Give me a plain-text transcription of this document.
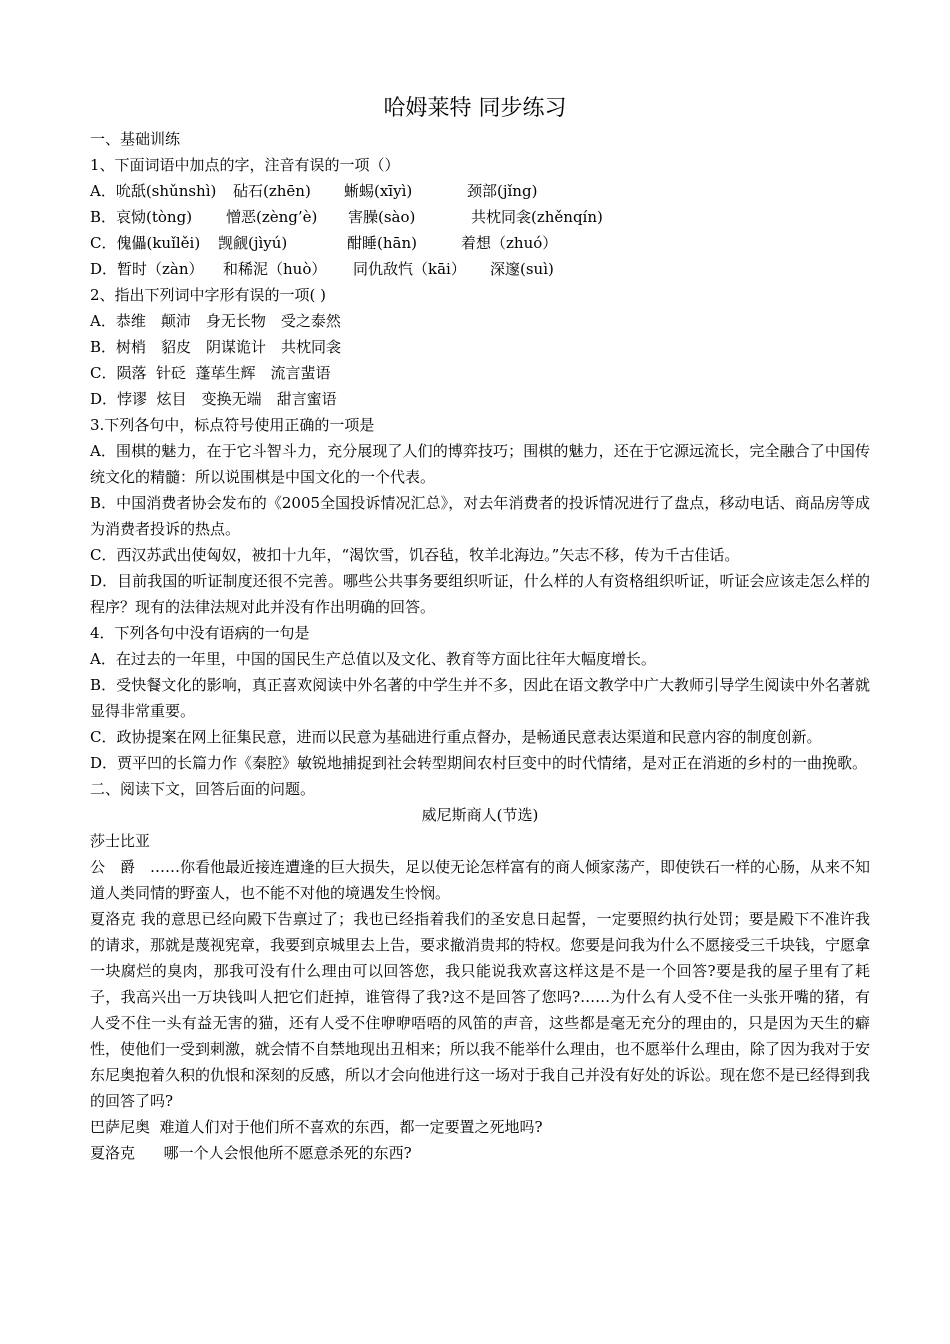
哈姆莱特 同步练习

一、基础训练

1、下面词语中加点的字，注音有误的一项（）

A．吮舐(shǔnshì)	砧石(zhēn)	蜥蜴(xīyì)	颈部(jǐng)
B．哀恸(tòng)	憎恶(zèng’è)	害臊(sào)	共枕同衾(zhěnqín)
C．傀儡(kuǐlěi)	觊觎(jìyú)	酣睡(hān)	着想（zhuó）
D．暂时（zàn）	和稀泥（huò）	同仇敌忾（kāi）	深邃(suì)

2、指出下列词中字形有误的一项( )

A．恭维　颠沛　身无长物　受之泰然

B．树梢　貂皮　阴谋诡计　共枕同衾

C．陨落  针砭  蓬荜生辉　流言蜚语

D．悖谬  炫目　变换无端　甜言蜜语

3.下列各句中，标点符号使用正确的一项是

A．围棋的魅力，在于它斗智斗力，充分展现了人们的博弈技巧；围棋的魅力，还在于它源远流长，完全融合了中国传统文化的精髓：所以说围棋是中国文化的一个代表。

B．中国消费者协会发布的《2005全国投诉情况汇总》，对去年消费者的投诉情况进行了盘点，移动电话、商品房等成为消费者投诉的热点。

C．西汉苏武出使匈奴，被扣十九年，“渴饮雪，饥吞毡，牧羊北海边。”矢志不移，传为千古佳话。

D．目前我国的听证制度还很不完善。哪些公共事务要组织听证，什么样的人有资格组织听证，听证会应该走怎么样的程序？现有的法律法规对此并没有作出明确的回答。

4．下列各句中没有语病的一句是

A．在过去的一年里，中国的国民生产总值以及文化、教育等方面比往年大幅度增长。

B．受快餐文化的影响，真正喜欢阅读中外名著的中学生并不多，因此在语文教学中广大教师引导学生阅读中外名著就显得非常重要。

C．政协提案在网上征集民意，进而以民意为基础进行重点督办，是畅通民意表达渠道和民意内容的制度创新。

D．贾平凹的长篇力作《秦腔》敏锐地捕捉到社会转型期间农村巨变中的时代情绪，是对正在消逝的乡村的一曲挽歌。

二、阅读下文，回答后面的问题。

威尼斯商人(节选)

莎士比亚

公　爵　……你看他最近接连遭逢的巨大损失，足以使无论怎样富有的商人倾家荡产，即使铁石一样的心肠，从来不知道人类同情的野蛮人，也不能不对他的境遇发生怜悯。

夏洛克 我的意思已经向殿下告禀过了；我也已经指着我们的圣安息日起誓，一定要照约执行处罚；要是殿下不准许我的请求，那就是蔑视宪章，我要到京城里去上告，要求撤消贵邦的特权。您要是问我为什么不愿接受三千块钱，宁愿拿一块腐烂的臭肉，那我可没有什么理由可以回答您，我只能说我欢喜这样这是不是一个回答?要是我的屋子里有了耗子，我高兴出一万块钱叫人把它们赶掉，谁管得了我?这不是回答了您吗?……为什么有人受不住一头张开嘴的猪，有人受不住一头有益无害的猫，还有人受不住咿咿唔唔的风笛的声音，这些都是毫无充分的理由的，只是因为天生的癖性，使他们一受到刺激，就会情不自禁地现出丑相来；所以我不能举什么理由，也不愿举什么理由，除了因为我对于安东尼奥抱着久积的仇恨和深刻的反感，所以才会向他进行这一场对于我自己并没有好处的诉讼。现在您不是已经得到我的回答了吗?

巴萨尼奥  难道人们对于他们所不喜欢的东西，都一定要置之死地吗?

夏洛克      哪一个人会恨他所不愿意杀死的东西?
